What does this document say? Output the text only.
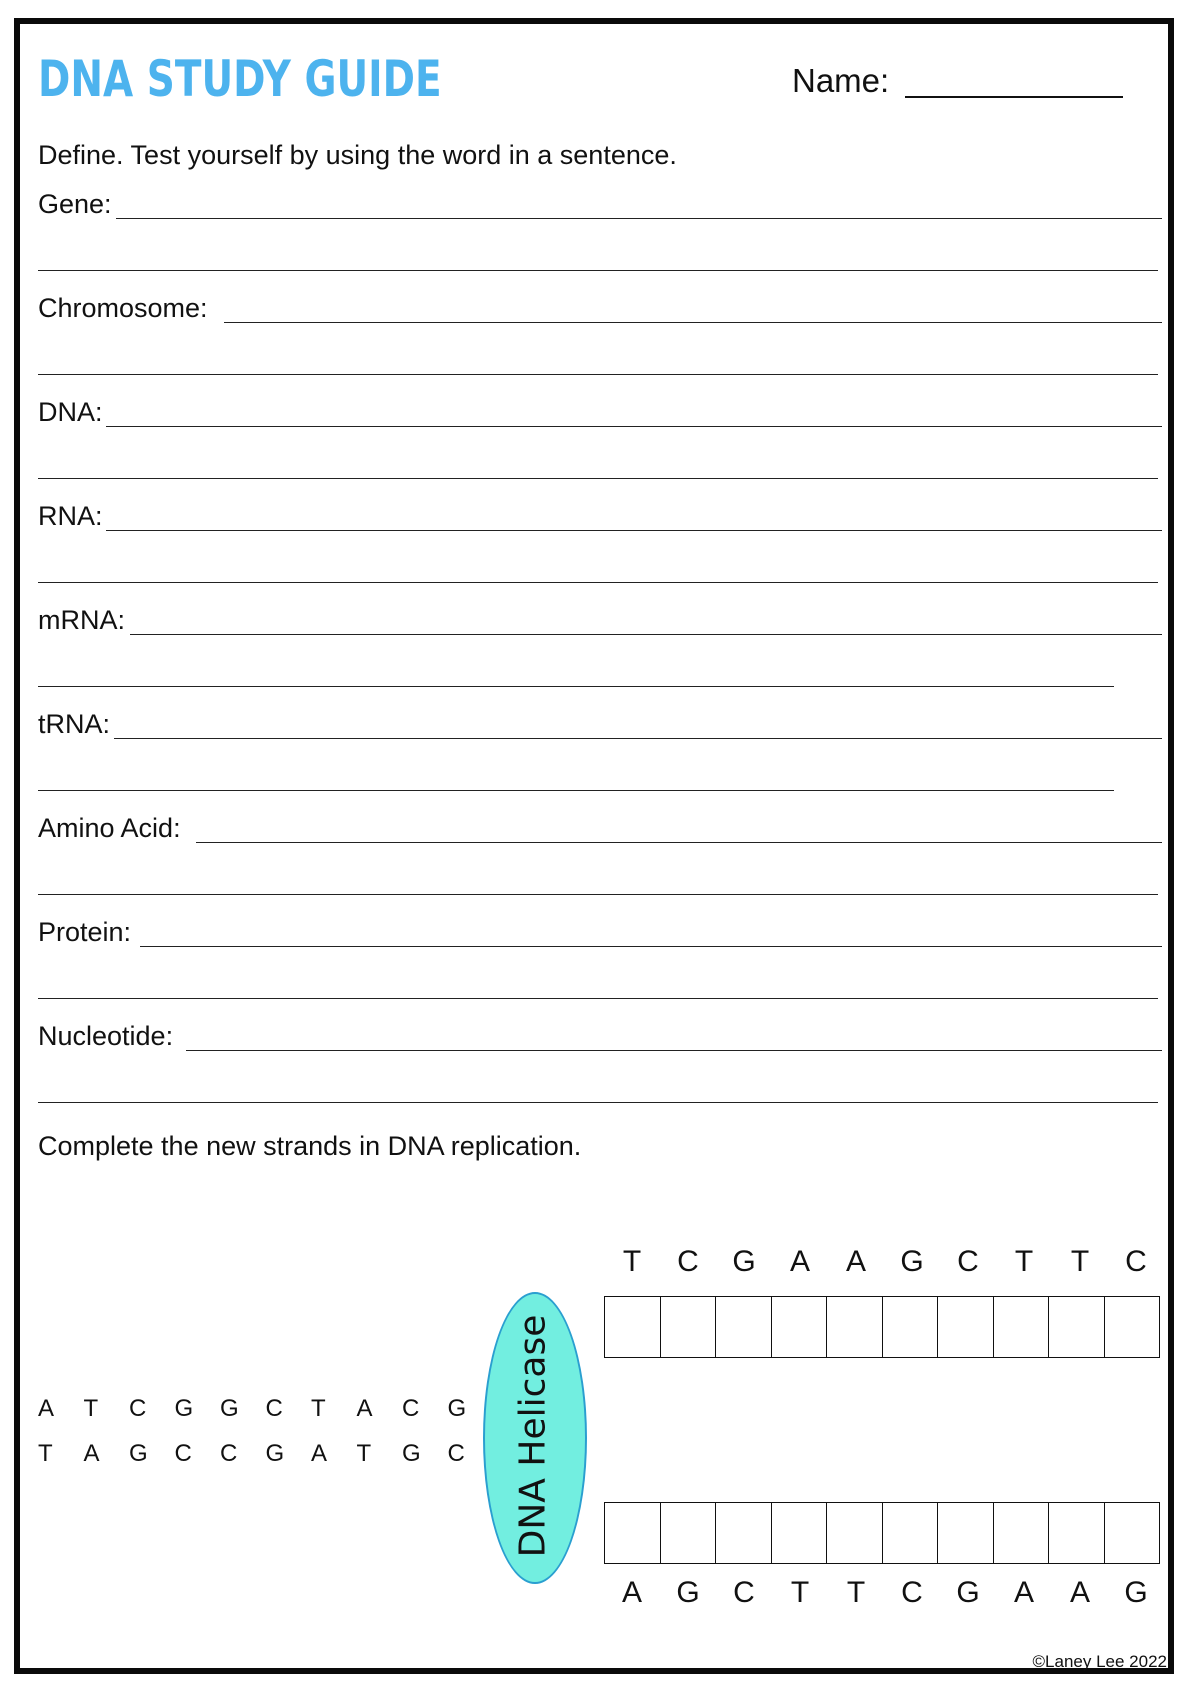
DNA STUDY GUIDE	Name:
Define. Test yourself by using the word in a sentence.
Gene:
Chromosome:
DNA:
RNA:
mRNA:
tRNA:
Amino Acid:
Protein:
Nucleotide:
Complete the new strands in DNA replication.
A	T	C	G	G	C	T	A	C	G
T	A	G	C	C	G	A	T	G	C	DNA Helicase
T	C	G	A	A	G	C	T	T	C
A	G	C	T	T	C	G	A	A	G
©Laney Lee 2022
